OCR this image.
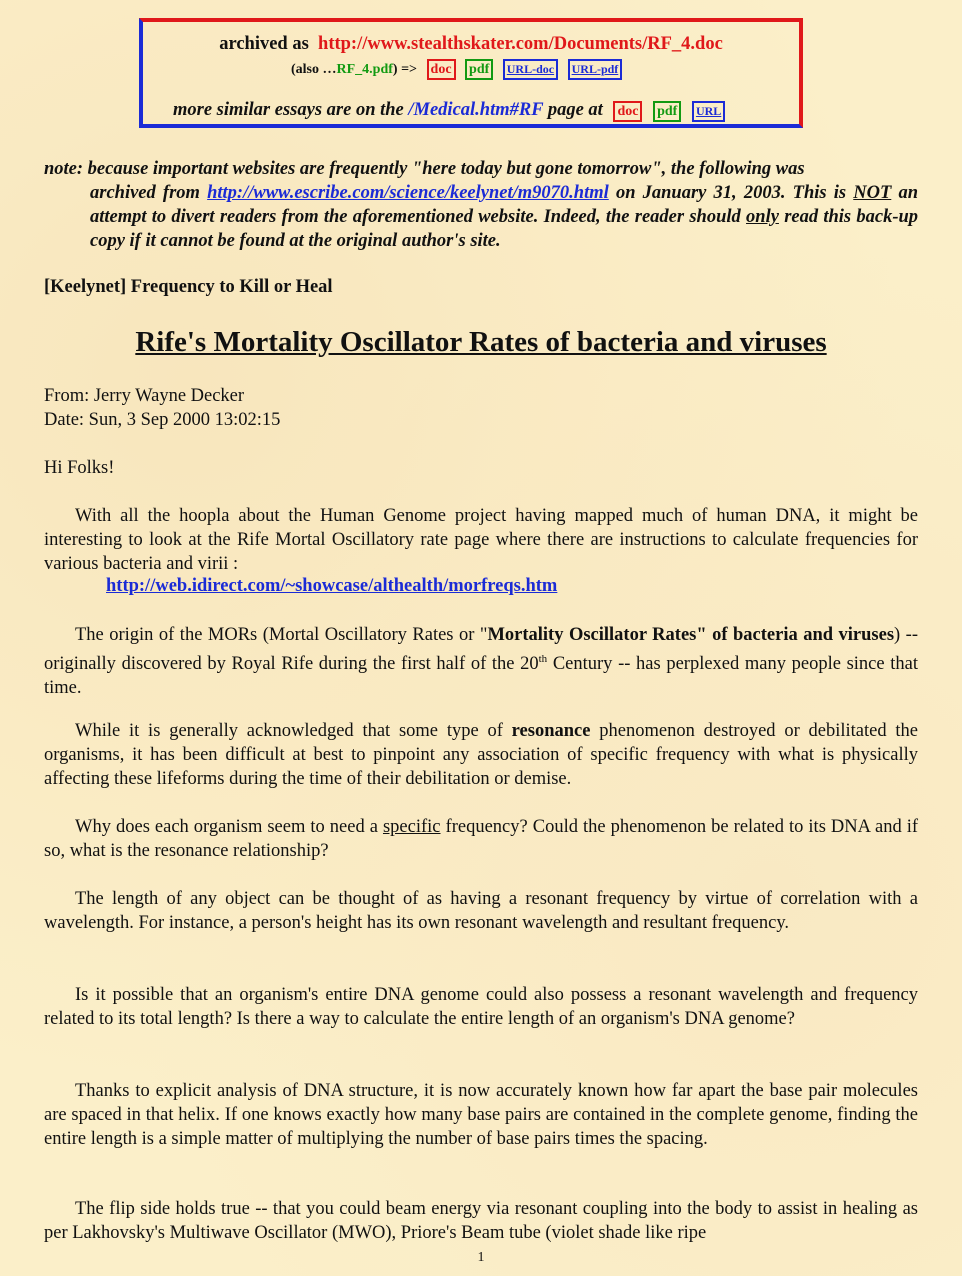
archived as http://www.stealthskater.com/Documents/RF_4.doc
(also …RF_4.pdf) => doc pdf URL-doc URL-pdf
more similar essays are on the /Medical.htm#RF page at doc pdf URL
note: because important websites are frequently "here today but gone tomorrow", the following was
archived from http://www.escribe.com/science/keelynet/m9070.html on January 31, 2003. This is NOT an attempt to divert readers from the aforementioned website. Indeed, the reader should only read this back-up copy if it cannot be found at the original author's site.
[Keelynet] Frequency to Kill or Heal
Rife's Mortality Oscillator Rates of bacteria and viruses

From: Jerry Wayne Decker

Date: Sun, 3 Sep 2000 13:02:15

Hi Folks!

With all the hoopla about the Human Genome project having mapped much of human DNA, it might be interesting to look at the Rife Mortal Oscillatory rate page where there are instructions to calculate frequencies for various bacteria and virii :

http://web.idirect.com/~showcase/althealth/morfreqs.htm

The origin of the MORs (Mortal Oscillatory Rates or "Mortality Oscillator Rates" of bacteria and viruses) -- originally discovered by Royal Rife during the first half of the 20th Century -- has perplexed many people since that time.

While it is generally acknowledged that some type of resonance phenomenon destroyed or debilitated the organisms, it has been difficult at best to pinpoint any association of specific frequency with what is physically affecting these lifeforms during the time of their debilitation or demise.

Why does each organism seem to need a specific frequency? Could the phenomenon be related to its DNA and if so, what is the resonance relationship?

The length of any object can be thought of as having a resonant frequency by virtue of correlation with a wavelength. For instance, a person's height has its own resonant wavelength and resultant frequency.

Is it possible that an organism's entire DNA genome could also possess a resonant wavelength and frequency related to its total length? Is there a way to calculate the entire length of an organism's DNA genome?

Thanks to explicit analysis of DNA structure, it is now accurately known how far apart the base pair molecules are spaced in that helix. If one knows exactly how many base pairs are contained in the complete genome, finding the entire length is a simple matter of multiplying the number of base pairs times the spacing.

The flip side holds true -- that you could beam energy via resonant coupling into the body to assist in healing as per Lakhovsky's Multiwave Oscillator (MWO), Priore's Beam tube (violet shade like ripe

1
